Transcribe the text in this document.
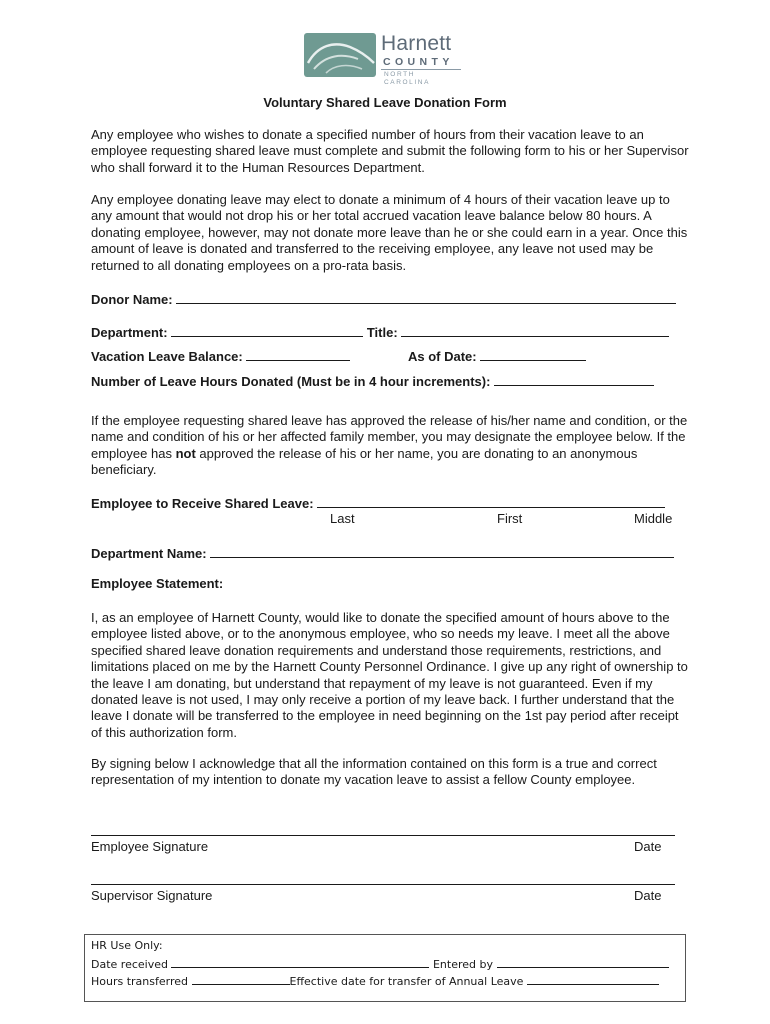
Harnett
COUNTY
NORTH CAROLINA
Voluntary Shared Leave Donation Form
Any employee who wishes to donate a specified number of hours from their vacation leave to an employee requesting shared leave must complete and submit the following form to his or her Supervisor who shall forward it to the Human Resources Department.
Any employee donating leave may elect to donate a minimum of 4 hours of their vacation leave up to any amount that would not drop his or her total accrued vacation leave balance below 80 hours. A donating employee, however, may not donate more leave than he or she could earn in a year. Once this amount of leave is donated and transferred to the receiving employee, any leave not used may be returned to all donating employees on a pro-rata basis.
Donor Name:
Department:	Title:
Vacation Leave Balance:	As of Date:
Number of Leave Hours Donated (Must be in 4 hour increments):
If the employee requesting shared leave has approved the release of his/her name and condition, or the name and condition of his or her affected family member, you may designate the employee below. If the employee has not approved the release of his or her name, you are donating to an anonymous beneficiary.
Employee to Receive Shared Leave:
Last	First	Middle
Department Name:
Employee Statement:
I, as an employee of Harnett County, would like to donate the specified amount of hours above to the employee listed above, or to the anonymous employee, who so needs my leave. I meet all the above specified shared leave donation requirements and understand those requirements, restrictions, and limitations placed on me by the Harnett County Personnel Ordinance. I give up any right of ownership to the leave I am donating, but understand that repayment of my leave is not guaranteed. Even if my donated leave is not used, I may only receive a portion of my leave back. I further understand that the leave I donate will be transferred to the employee in need beginning on the 1st pay period after receipt of this authorization form.
By signing below I acknowledge that all the information contained on this form is a true and correct representation of my intention to donate my vacation leave to assist a fellow County employee.
Employee Signature	Date
Supervisor Signature	Date
HR Use Only:
Date received	Entered by
Hours transferred	Effective date for transfer of Annual Leave
